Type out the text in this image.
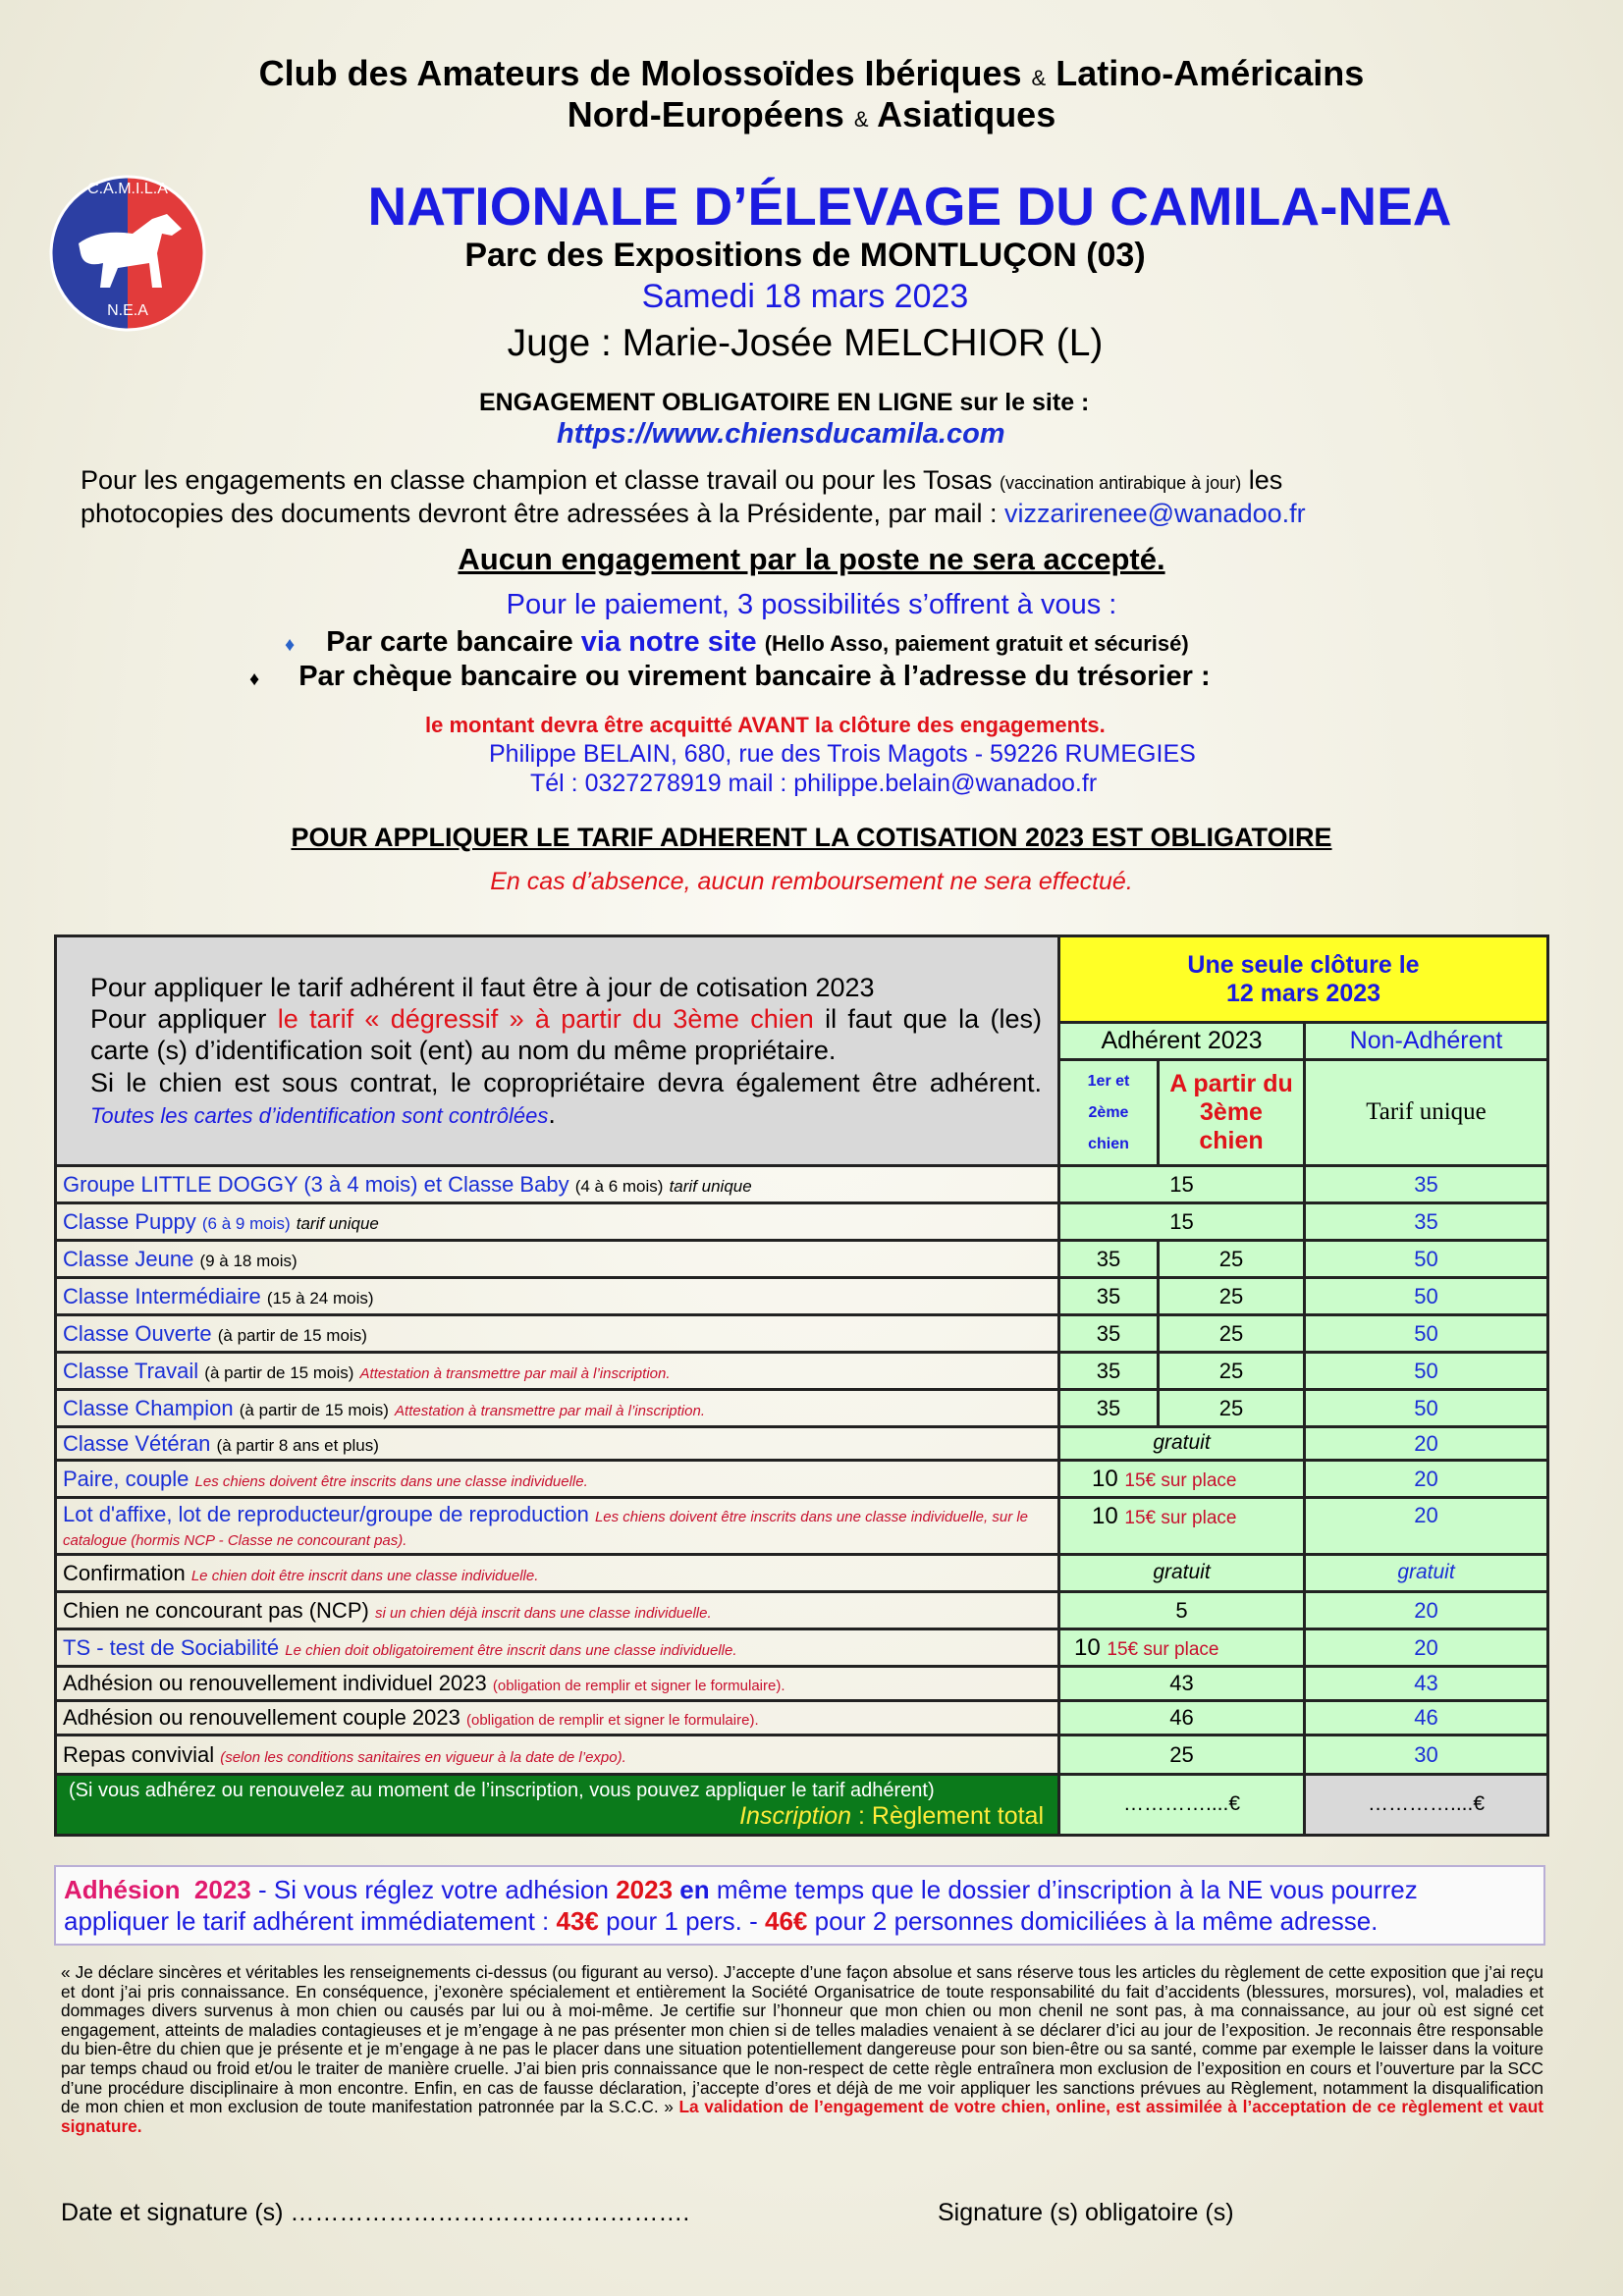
Club des Amateurs de Molossoïdes Ibériques & Latino-Américains
Nord-Européens & Asiatiques
C.A.M.I.L.A
N.E.A
NATIONALE D’ÉLEVAGE DU CAMILA-NEA
Parc des Expositions de MONTLUÇON (03)
Samedi 18 mars 2023
Juge : Marie-Josée MELCHIOR (L)
ENGAGEMENT OBLIGATOIRE EN LIGNE sur le site :
https://www.chiensducamila.com
Pour les engagements en classe champion et classe travail ou pour les Tosas (vaccination antirabique à jour) les
photocopies des documents devront être adressées à la Présidente, par mail : vizzarirenee@wanadoo.fr
Aucun engagement par la poste ne sera accepté.
Pour le paiement, 3 possibilités s’offrent à vous :
♦ Par carte bancaire via notre site (Hello Asso, paiement gratuit et sécurisé)
♦ Par chèque bancaire ou virement bancaire à l’adresse du trésorier :
le montant devra être acquitté AVANT la clôture des engagements.
Philippe BELAIN, 680, rue des Trois Magots - 59226 RUMEGIES
Tél : 0327278919 mail : philippe.belain@wanadoo.fr
POUR APPLIQUER LE TARIF ADHERENT LA COTISATION 2023 EST OBLIGATOIRE
En cas d’absence, aucun remboursement ne sera effectué.
Pour appliquer le tarif adhérent il faut être à jour de cotisation 2023
Pour appliquer le tarif « dégressif » à partir du 3ème chien il faut que la (les) carte (s) d’identification soit (ent) au nom du même propriétaire.
Si le chien est sous contrat, le copropriétaire devra également être adhérent. Toutes les cartes d’identification sont contrôlées.	Une seule clôture le
12 mars 2023		
	Adhérent 2023		Non-Adhérent
	1er et 2ème chien	A partir du 3ème chien	Tarif unique
Groupe LITTLE DOGGY (3 à 4 mois) et Classe Baby (4 à 6 mois) tarif unique	15		35
Classe Puppy (6 à 9 mois) tarif unique	15		35
Classe Jeune (9 à 18 mois)	35	25	50
Classe Intermédiaire (15 à 24 mois)	35	25	50
Classe Ouverte (à partir de 15 mois)	35	25	50
Classe Travail (à partir de 15 mois) Attestation à transmettre par mail à l’inscription.	35	25	50
Classe Champion (à partir de 15 mois) Attestation à transmettre par mail à l’inscription.	35	25	50
Classe Vétéran (à partir 8 ans et plus)	gratuit		20
Paire, couple Les chiens doivent être inscrits dans une classe individuelle.	10 15€ sur place		20
Lot d'affixe, lot de reproducteur/groupe de reproduction Les chiens doivent être inscrits dans une classe individuelle, sur le catalogue (hormis NCP - Classe ne concourant pas).	10 15€ sur place		20
Confirmation Le chien doit être inscrit dans une classe individuelle.	gratuit		gratuit
Chien ne concourant pas (NCP) si un chien déjà inscrit dans une classe individuelle.	5		20
TS - test de Sociabilité Le chien doit obligatoirement être inscrit dans une classe individuelle.	10 15€ sur place		20
Adhésion ou renouvellement individuel 2023 (obligation de remplir et signer le formulaire).	43		43
Adhésion ou renouvellement couple 2023 (obligation de remplir et signer le formulaire).	46		46
Repas convivial (selon les conditions sanitaires en vigueur à la date de l’expo).	25		30

(Si vous adhérez ou renouvelez au moment de l’inscription, vous pouvez appliquer le tarif adhérent)
Inscription : Règlement total	…………....€		…………....€
Adhésion 2023 - Si vous réglez votre adhésion 2023 en même temps que le dossier d’inscription à la NE vous pourrez
appliquer le tarif adhérent immédiatement : 43€ pour 1 pers. - 46€ pour 2 personnes domiciliées à la même adresse.
« Je déclare sincères et véritables les renseignements ci-dessus (ou figurant au verso). J’accepte d’une façon absolue et sans réserve tous les articles du règlement de cette exposition que j’ai reçu et dont j’ai pris connaissance. En conséquence, j’exonère spécialement et entièrement la Société Organisatrice de toute responsabilité du fait d’accidents (blessures, morsures), vol, maladies et dommages divers survenus à mon chien ou causés par lui ou à moi-même. Je certifie sur l’honneur que mon chien ou mon chenil ne sont pas, à ma connaissance, au jour où est signé cet engagement, atteints de maladies contagieuses et je m’engage à ne pas présenter mon chien si de telles maladies venaient à se déclarer d’ici au jour de l’exposition. Je reconnais être responsable du bien-être du chien que je présente et je m’engage à ne pas le placer dans une situation potentiellement dangereuse pour son bien-être ou sa santé, comme par exemple le laisser dans la voiture par temps chaud ou froid et/ou le traiter de manière cruelle. J’ai bien pris connaissance que le non-respect de cette règle entraînera mon exclusion de l’exposition en cours et l’ouverture par la SCC d’une procédure disciplinaire à mon encontre. Enfin, en cas de fausse déclaration, j’accepte d’ores et déjà de me voir appliquer les sanctions prévues au Règlement, notamment la disqualification de mon chien et mon exclusion de toute manifestation patronnée par la S.C.C. » La validation de l’engagement de votre chien, online, est assimilée à l’acceptation de ce règlement et vaut signature.
Date et signature (s) ………………………………………….	Signature (s) obligatoire (s)
